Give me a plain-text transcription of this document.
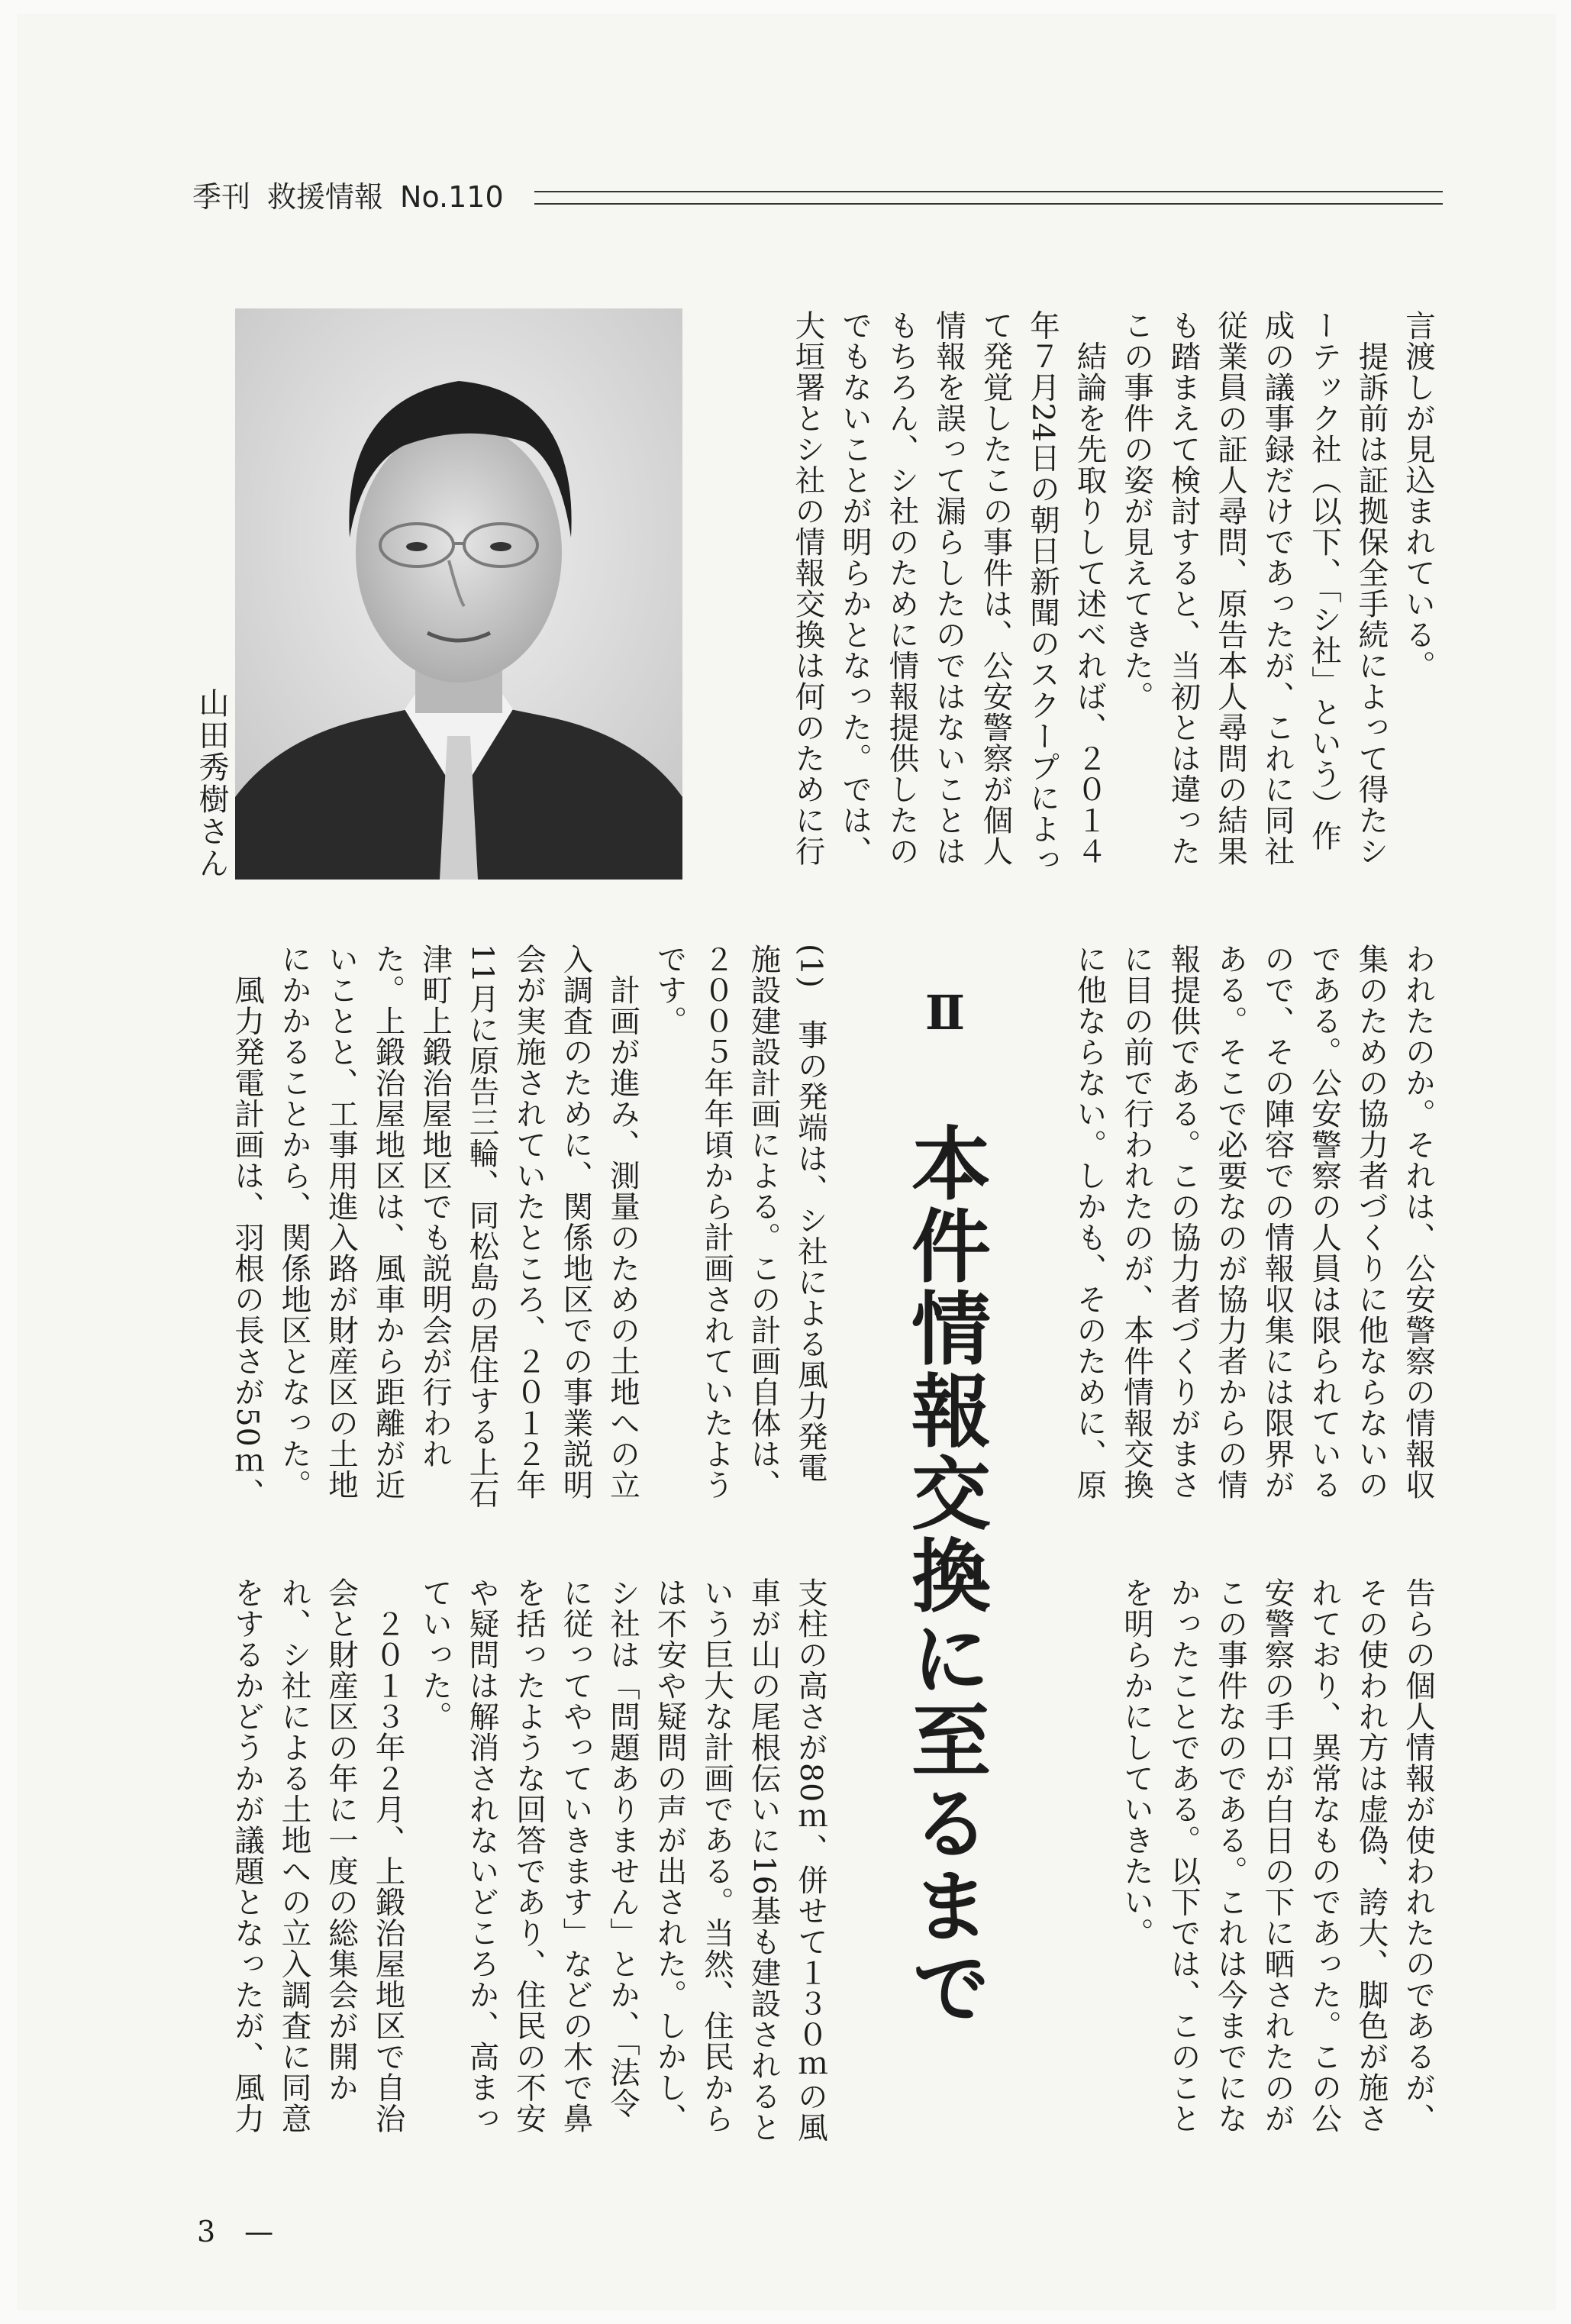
季刊 救援情報 No.110
山田秀樹さん
言渡しが見込まれている。
　提訴前は証拠保全手続によって得たシ
ーテック社（以下、「シ社」という）作
成の議事録だけであったが、これに同社
従業員の証人尋問、原告本人尋問の結果
も踏まえて検討すると、当初とは違った
この事件の姿が見えてきた。
　結論を先取りして述べれば、２０１４
年７月24日の朝日新聞のスクープによっ
て発覚したこの事件は、公安警察が個人
情報を誤って漏らしたのではないことは
もちろん、シ社のために情報提供したの
でもないことが明らかとなった。では、
大垣署とシ社の情報交換は何のために行
われたのか。それは、公安警察の情報収
集のための協力者づくりに他ならないの
である。公安警察の人員は限られている
ので、その陣容での情報収集には限界が
ある。そこで必要なのが協力者からの情
報提供である。この協力者づくりがまさ
に目の前で行われたのが、本件情報交換
に他ならない。しかも、そのために、原
(1)　事の発端は、シ社による風力発電
施設建設計画による。この計画自体は、
２００５年年頃から計画されていたよう
です。
　計画が進み、測量のための土地への立
入調査のために、関係地区での事業説明
会が実施されていたところ、２０１２年
11月に原告三輪、同松島の居住する上石
津町上鍛治屋地区でも説明会が行われ
た。上鍛治屋地区は、風車から距離が近
いことと、工事用進入路が財産区の土地
にかかることから、関係地区となった。
　風力発電計画は、羽根の長さが50ｍ、
告らの個人情報が使われたのであるが、
その使われ方は虚偽、誇大、脚色が施さ
れており、異常なものであった。この公
安警察の手口が白日の下に晒されたのが
この事件なのである。これは今までにな
かったことである。以下では、このこと
を明らかにしていきたい。
支柱の高さが80ｍ、併せて１３０ｍの風
車が山の尾根伝いに16基も建設されると
いう巨大な計画である。当然、住民から
は不安や疑問の声が出された。しかし、
シ社は「問題ありません」とか、「法令
に従ってやっていきます」などの木で鼻
を括ったような回答であり、住民の不安
や疑問は解消されないどころか、高まっ
ていった。
　２０１３年２月、上鍛治屋地区で自治
会と財産区の年に一度の総集会が開か
れ、シ社による土地への立入調査に同意
をするかどうかが議題となったが、風力
Ⅱ
本件情報交換に至るまで
3　—
